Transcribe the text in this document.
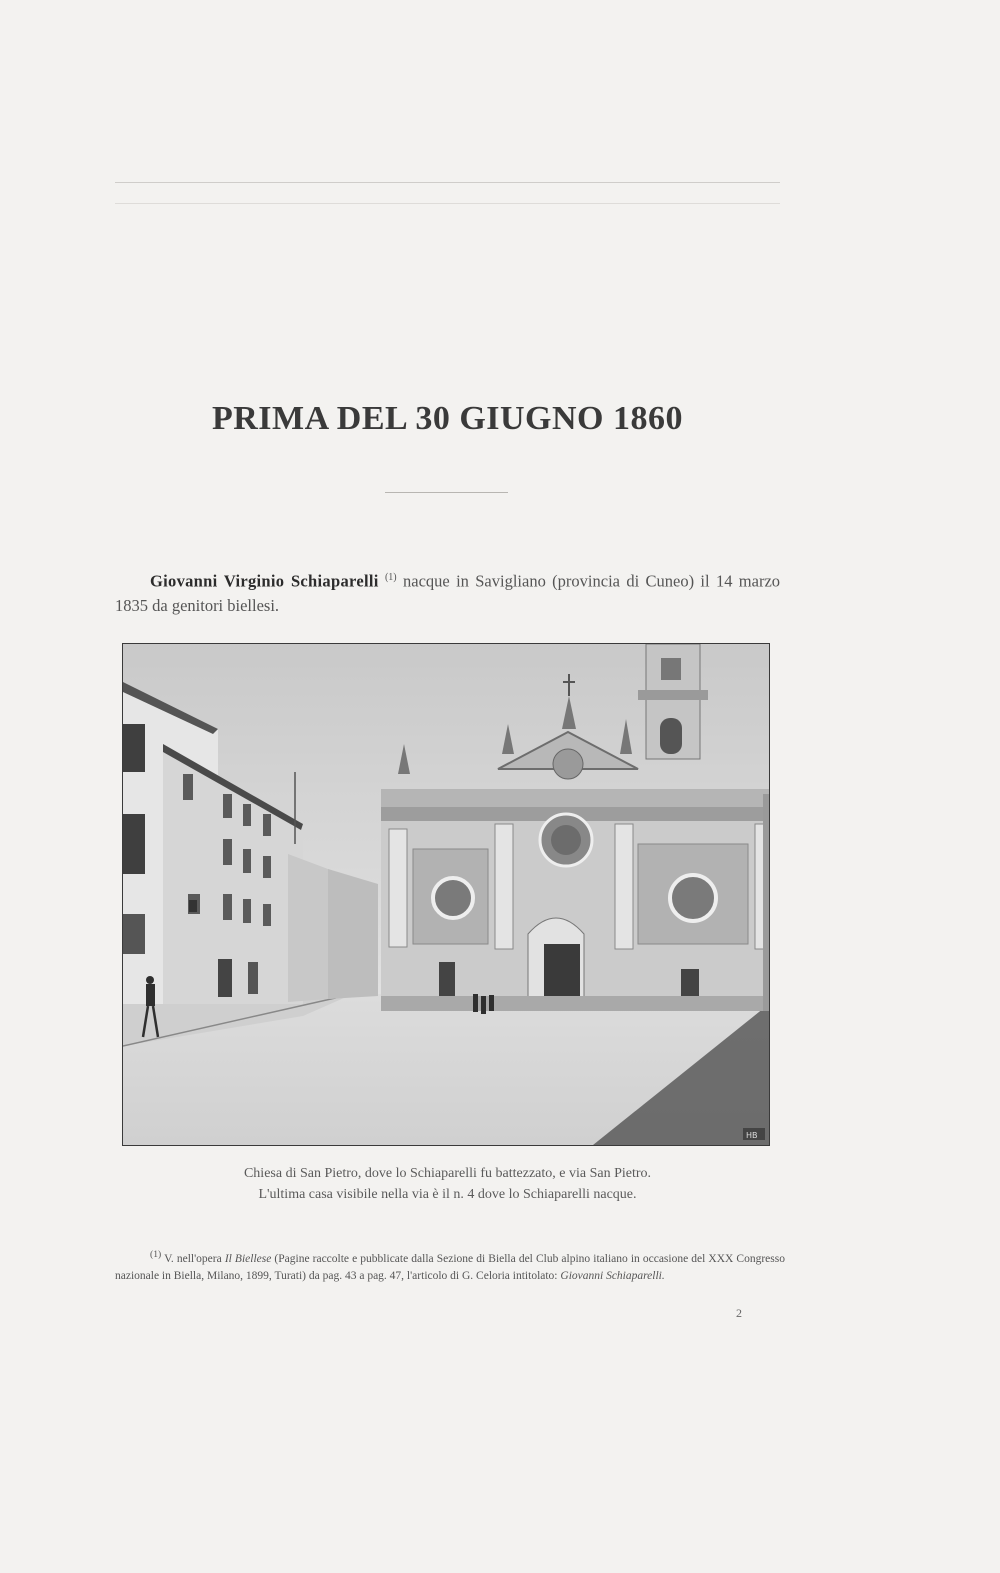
PRIMA DEL 30 GIUGNO 1860

Giovanni Virginio Schiaparelli $^{(1)}$ nacque in Savigliano (provincia di Cuneo) il 14 marzo 1835 da genitori biellesi.

HB

Chiesa di San Pietro, dove lo Schiaparelli fu battezzato, e via San Pietro.
L'ultima casa visibile nella via è il n. 4 dove lo Schiaparelli nacque.

$^{(1)}$ V. nell'opera Il Biellese (Pagine raccolte e pubblicate dalla Sezione di Biella del Club alpino italiano in occasione del XXX Congresso nazionale in Biella, Milano, 1899, Turati) da pag. 43 a pag. 47, l'articolo di G. Celoria intitolato: Giovanni Schiaparelli.

2
